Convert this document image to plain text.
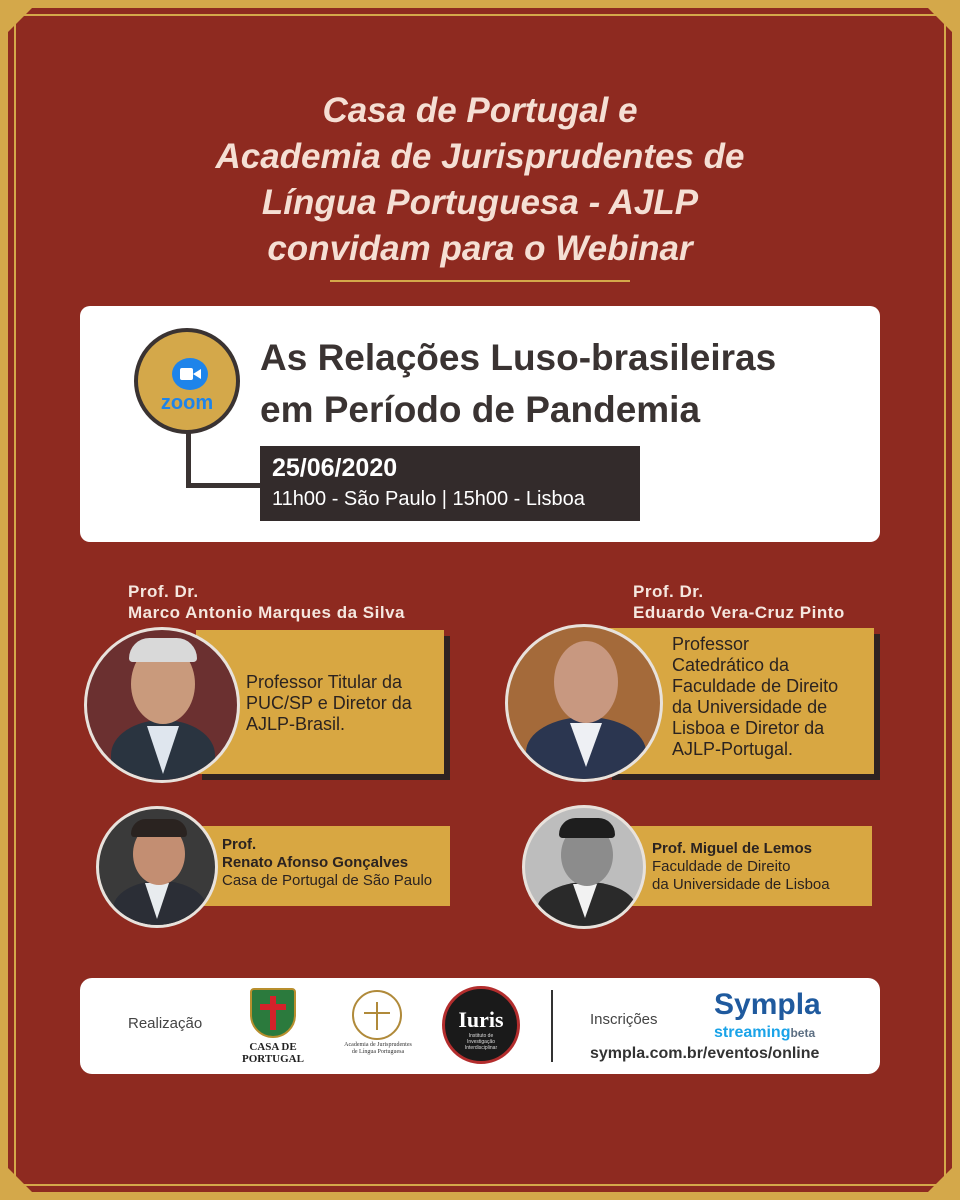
Casa de Portugal e
Academia de Jurisprudentes de
Língua Portuguesa - AJLP
convidam para o Webinar
zoom
As Relações Luso-brasileiras
em Período de Pandemia
25/06/2020
11h00 - São Paulo | 15h00 - Lisboa
Prof. Dr.
Marco Antonio Marques da Silva
Professor Titular da
PUC/SP e Diretor da
AJLP-Brasil.
Prof. Dr.
Eduardo Vera-Cruz Pinto
Professor
Catedrático da
Faculdade de Direito
da Universidade de
Lisboa e Diretor da
AJLP-Portugal.
Prof.
Renato Afonso Gonçalves
Casa de Portugal de São Paulo
Prof. Miguel de Lemos
Faculdade de Direito
da Universidade de Lisboa
Realização
CASA DE
PORTUGAL
Academia de Jurisprudentes
de Língua Portuguesa
Iuris
Instituto de Investigação Interdisciplinar
Inscrições Sympla
streamingbeta
sympla.com.br/eventos/online
